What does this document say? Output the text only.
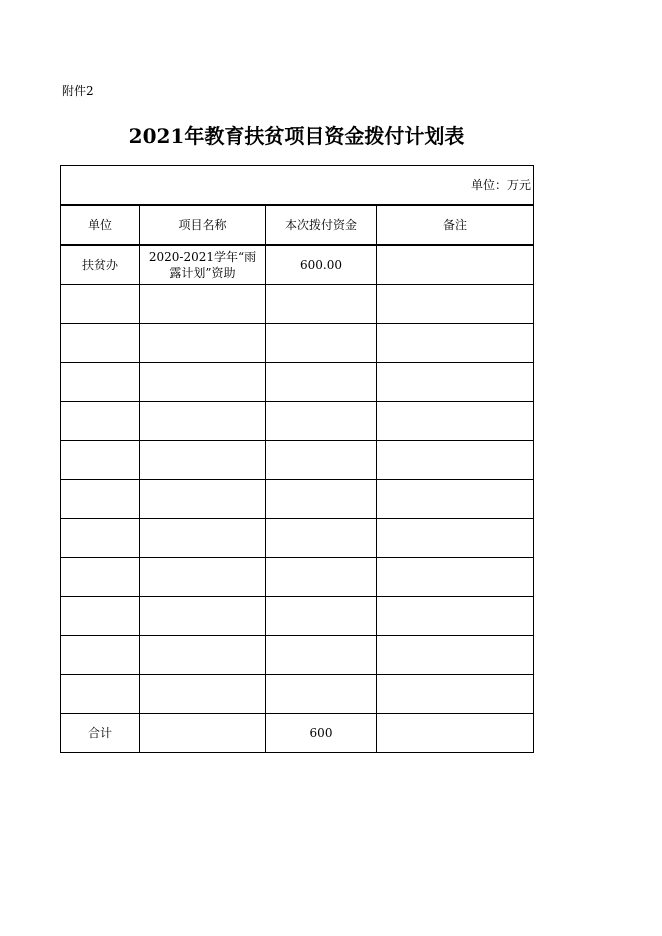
附件2
2021年教育扶贫项目资金拨付计划表
单位：万元			
单位	项目名称	本次拨付资金	备注
扶贫办	2020-2021学年“雨露计划”资助	600.00	

合计		600	
